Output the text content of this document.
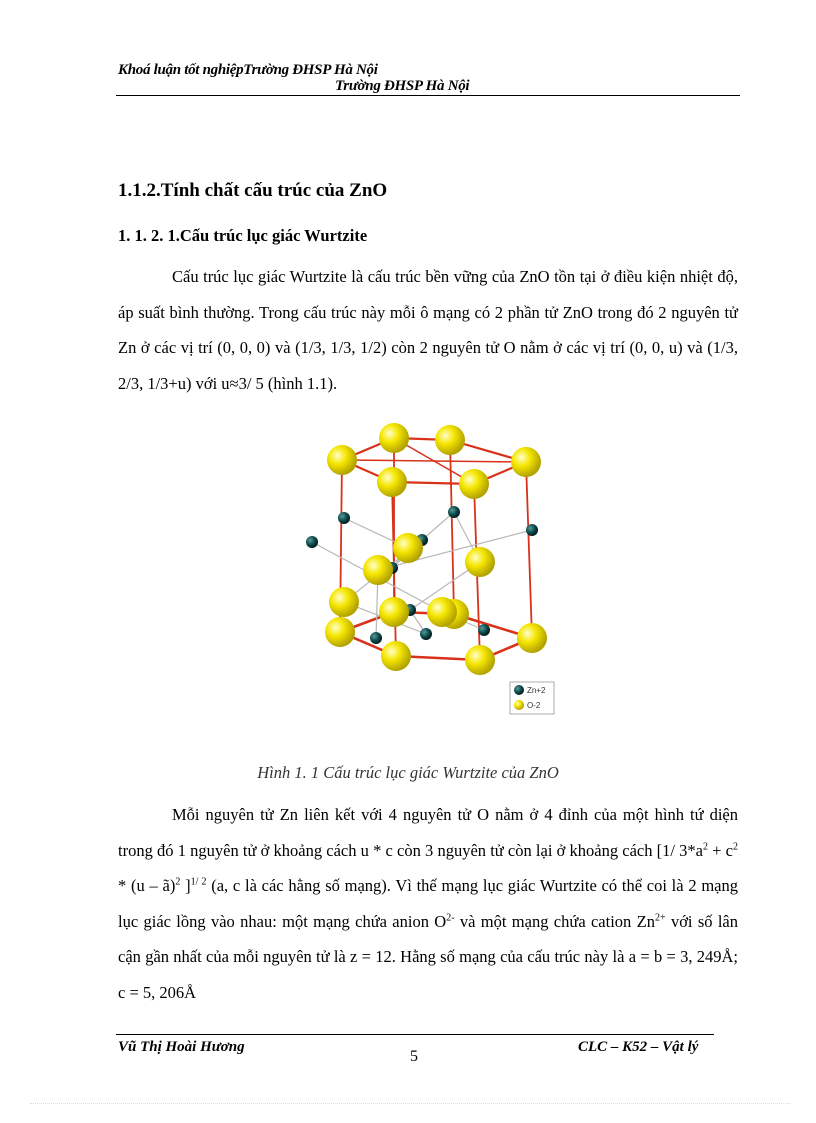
Khoá luận tốt nghiệpTrường ĐHSP Hà Nội
Trường ĐHSP Hà Nội
1.1.2.Tính chất cấu trúc của ZnO
1. 1. 2. 1.Cấu trúc lục giác Wurtzite
Cấu trúc lục giác Wurtzite là cấu trúc bền vững của ZnO tồn tại ở điều kiện nhiệt độ, áp suất bình thường. Trong cấu trúc này mỗi ô mạng có 2 phần tử ZnO trong đó 2 nguyên tử Zn ở các vị trí (0, 0, 0) và (1/3, 1/3, 1/2) còn 2 nguyên tử O nằm ở các vị trí (0, 0, u) và (1/3, 2/3, 1/3+u) với u≈3/ 5 (hình 1.1).
Zn+2
O-2
Hình 1. 1 Cấu trúc lục giác Wurtzite của ZnO
Mỗi nguyên tử Zn liên kết với 4 nguyên tử O nằm ở 4 đỉnh của một hình tứ diện trong đó 1 nguyên tử ở khoảng cách u * c còn 3 nguyên tử còn lại ở khoảng cách [1/ $3*a^2 + c^2 * (u$ – ã)$^2$ ]$^{1/ 2}$ (a, c là các hằng số mạng). Vì thế mạng lục giác Wurtzite có thể coi là 2 mạng lục giác lồng vào nhau: một mạng chứa anion $O^{2-}$ và một mạng chứa cation $Zn^{2+}$ với số lân cận gần nhất của mỗi nguyên tử là z = 12. Hằng số mạng của cấu trúc này là a = b = 3, 249Å; c = 5, 206Å
Vũ Thị Hoài Hương
5
CLC – K52 – Vật lý
